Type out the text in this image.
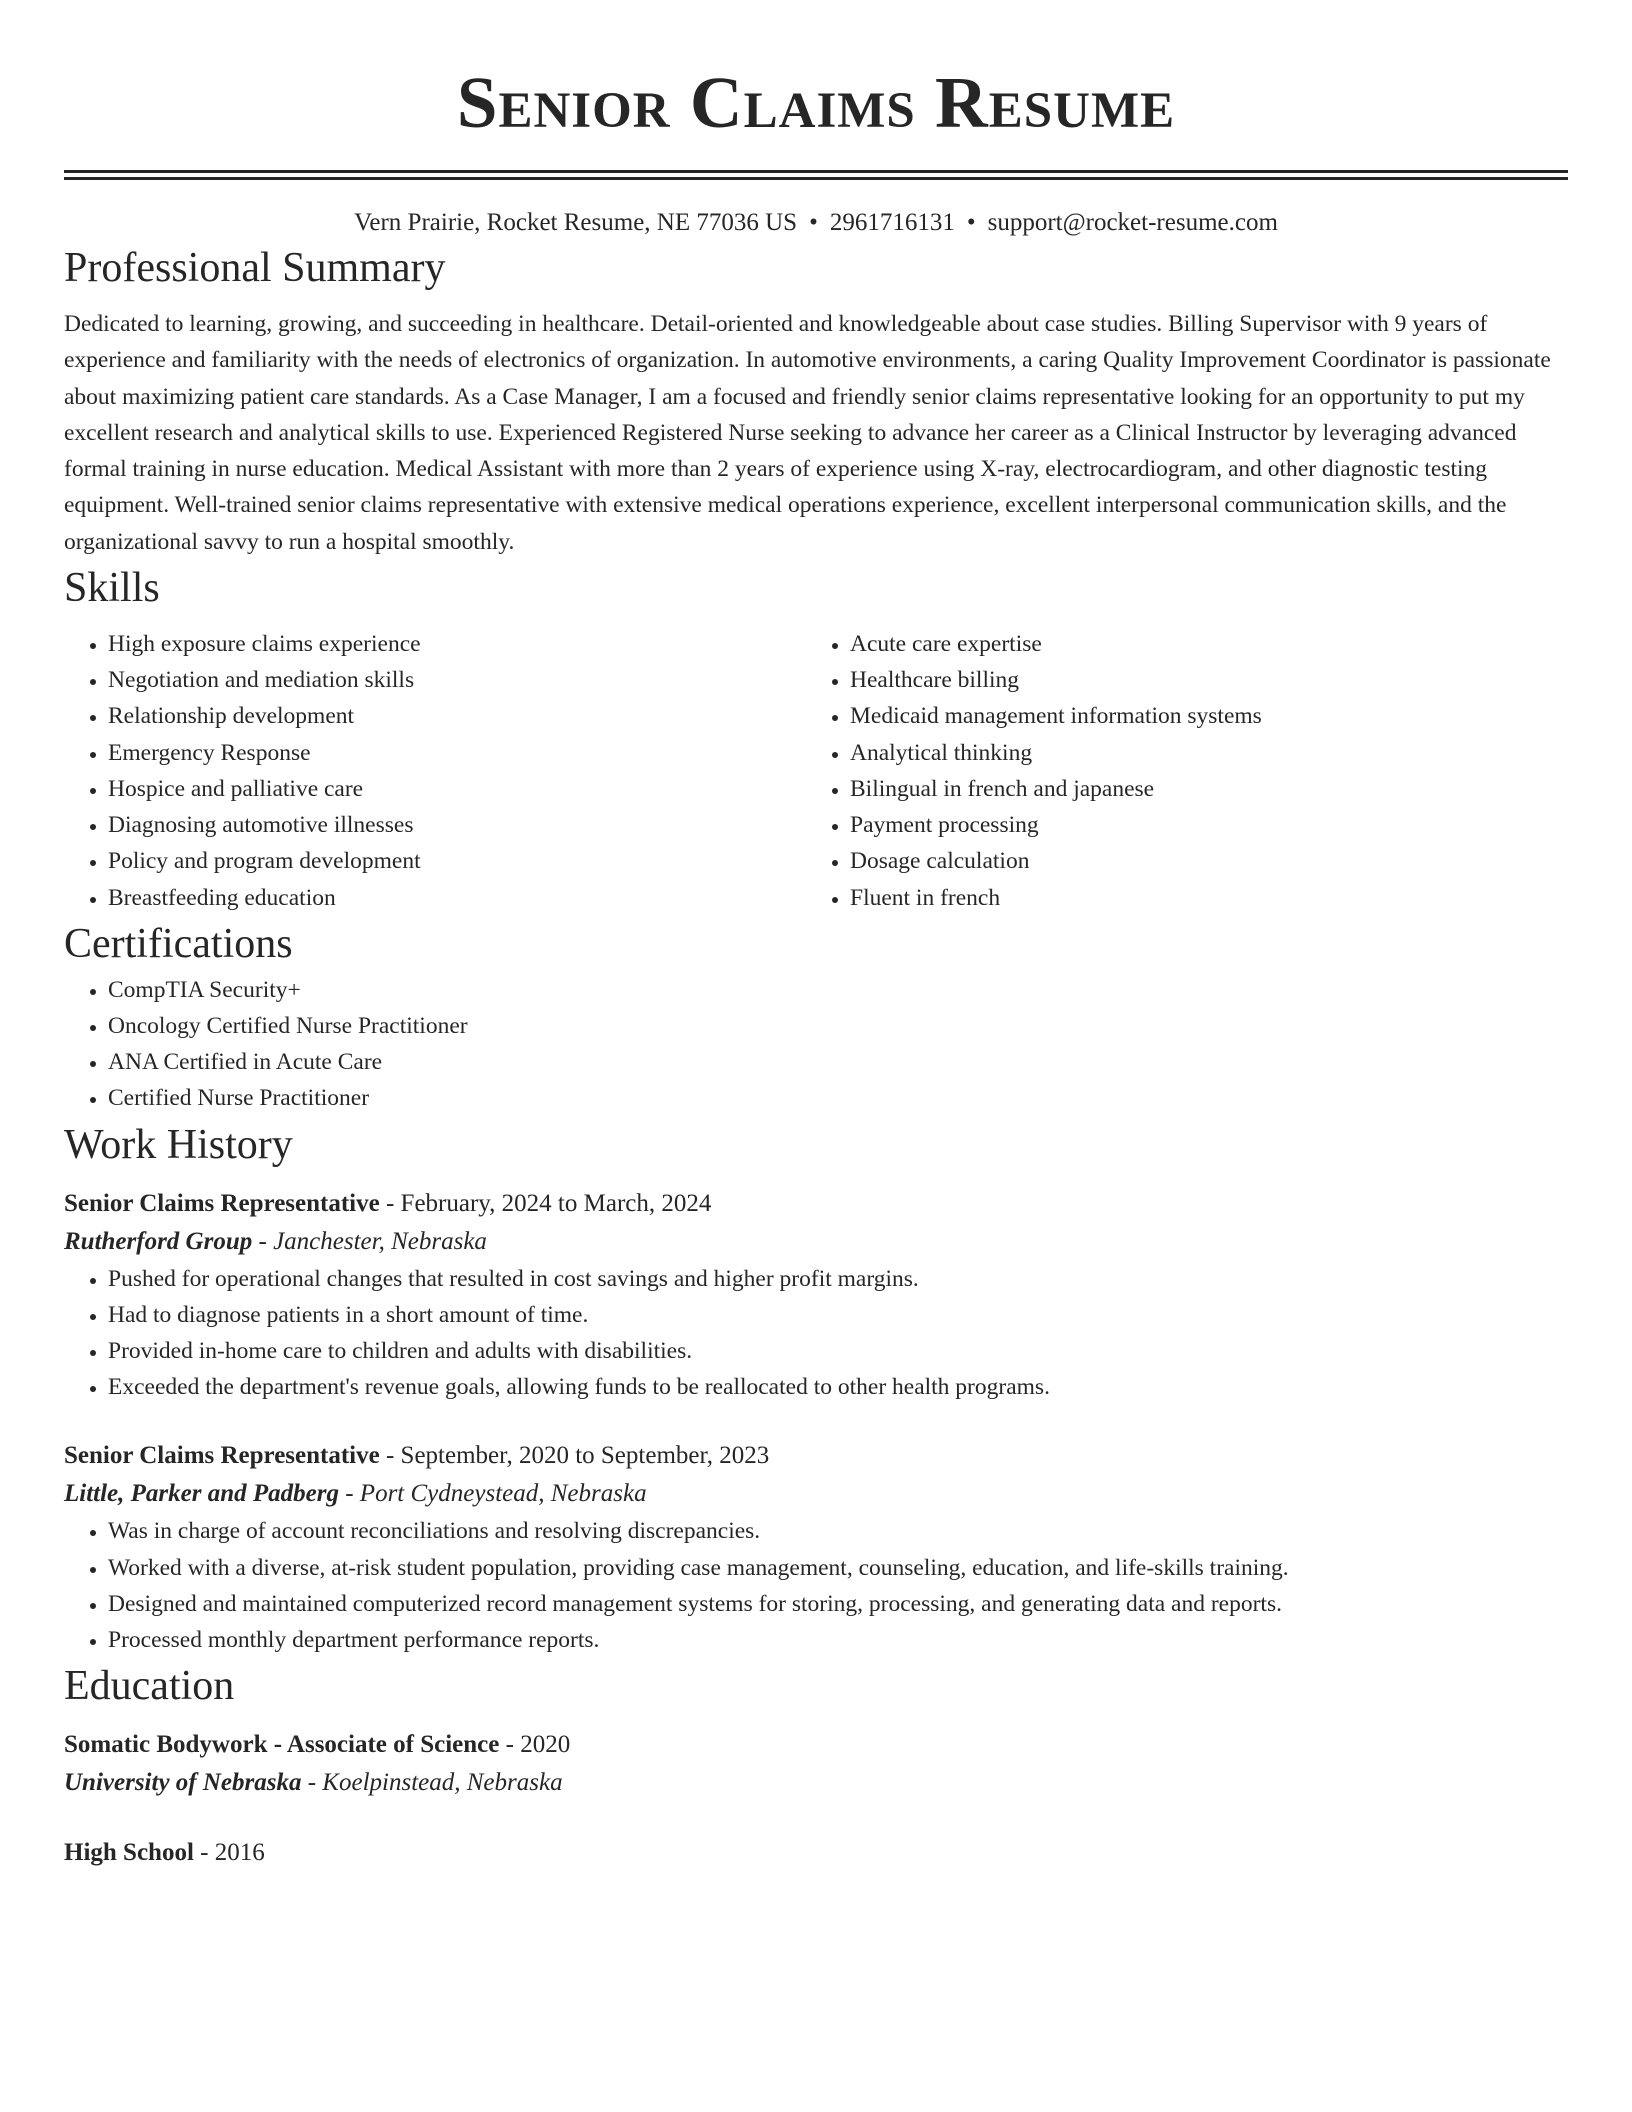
Senior Claims Resume
Vern Prairie, Rocket Resume, NE 77036 US • 2961716131 • support@rocket-resume.com
Professional Summary
Dedicated to learning, growing, and succeeding in healthcare. Detail-oriented and knowledgeable about case studies. Billing Supervisor with 9 years of experience and familiarity with the needs of electronics of organization. In automotive environments, a caring Quality Improvement Coordinator is passionate about maximizing patient care standards. As a Case Manager, I am a focused and friendly senior claims representative looking for an opportunity to put my excellent research and analytical skills to use. Experienced Registered Nurse seeking to advance her career as a Clinical Instructor by leveraging advanced formal training in nurse education. Medical Assistant with more than 2 years of experience using X-ray, electrocardiogram, and other diagnostic testing equipment. Well-trained senior claims representative with extensive medical operations experience, excellent interpersonal communication skills, and the organizational savvy to run a hospital smoothly.
Skills
• High exposure claims experience
• Negotiation and mediation skills
• Relationship development
• Emergency Response
• Hospice and palliative care
• Diagnosing automotive illnesses
• Policy and program development
• Breastfeeding education
• Acute care expertise
• Healthcare billing
• Medicaid management information systems
• Analytical thinking
• Bilingual in french and japanese
• Payment processing
• Dosage calculation
• Fluent in french
Certifications
• CompTIA Security+
• Oncology Certified Nurse Practitioner
• ANA Certified in Acute Care
• Certified Nurse Practitioner
Work History
Senior Claims Representative - February, 2024 to March, 2024
Rutherford Group - Janchester, Nebraska
• Pushed for operational changes that resulted in cost savings and higher profit margins.
• Had to diagnose patients in a short amount of time.
• Provided in-home care to children and adults with disabilities.
• Exceeded the department's revenue goals, allowing funds to be reallocated to other health programs.
Senior Claims Representative - September, 2020 to September, 2023
Little, Parker and Padberg - Port Cydneystead, Nebraska
• Was in charge of account reconciliations and resolving discrepancies.
• Worked with a diverse, at-risk student population, providing case management, counseling, education, and life-skills training.
• Designed and maintained computerized record management systems for storing, processing, and generating data and reports.
• Processed monthly department performance reports.
Education
Somatic Bodywork - Associate of Science - 2020
University of Nebraska - Koelpinstead, Nebraska
High School - 2016
